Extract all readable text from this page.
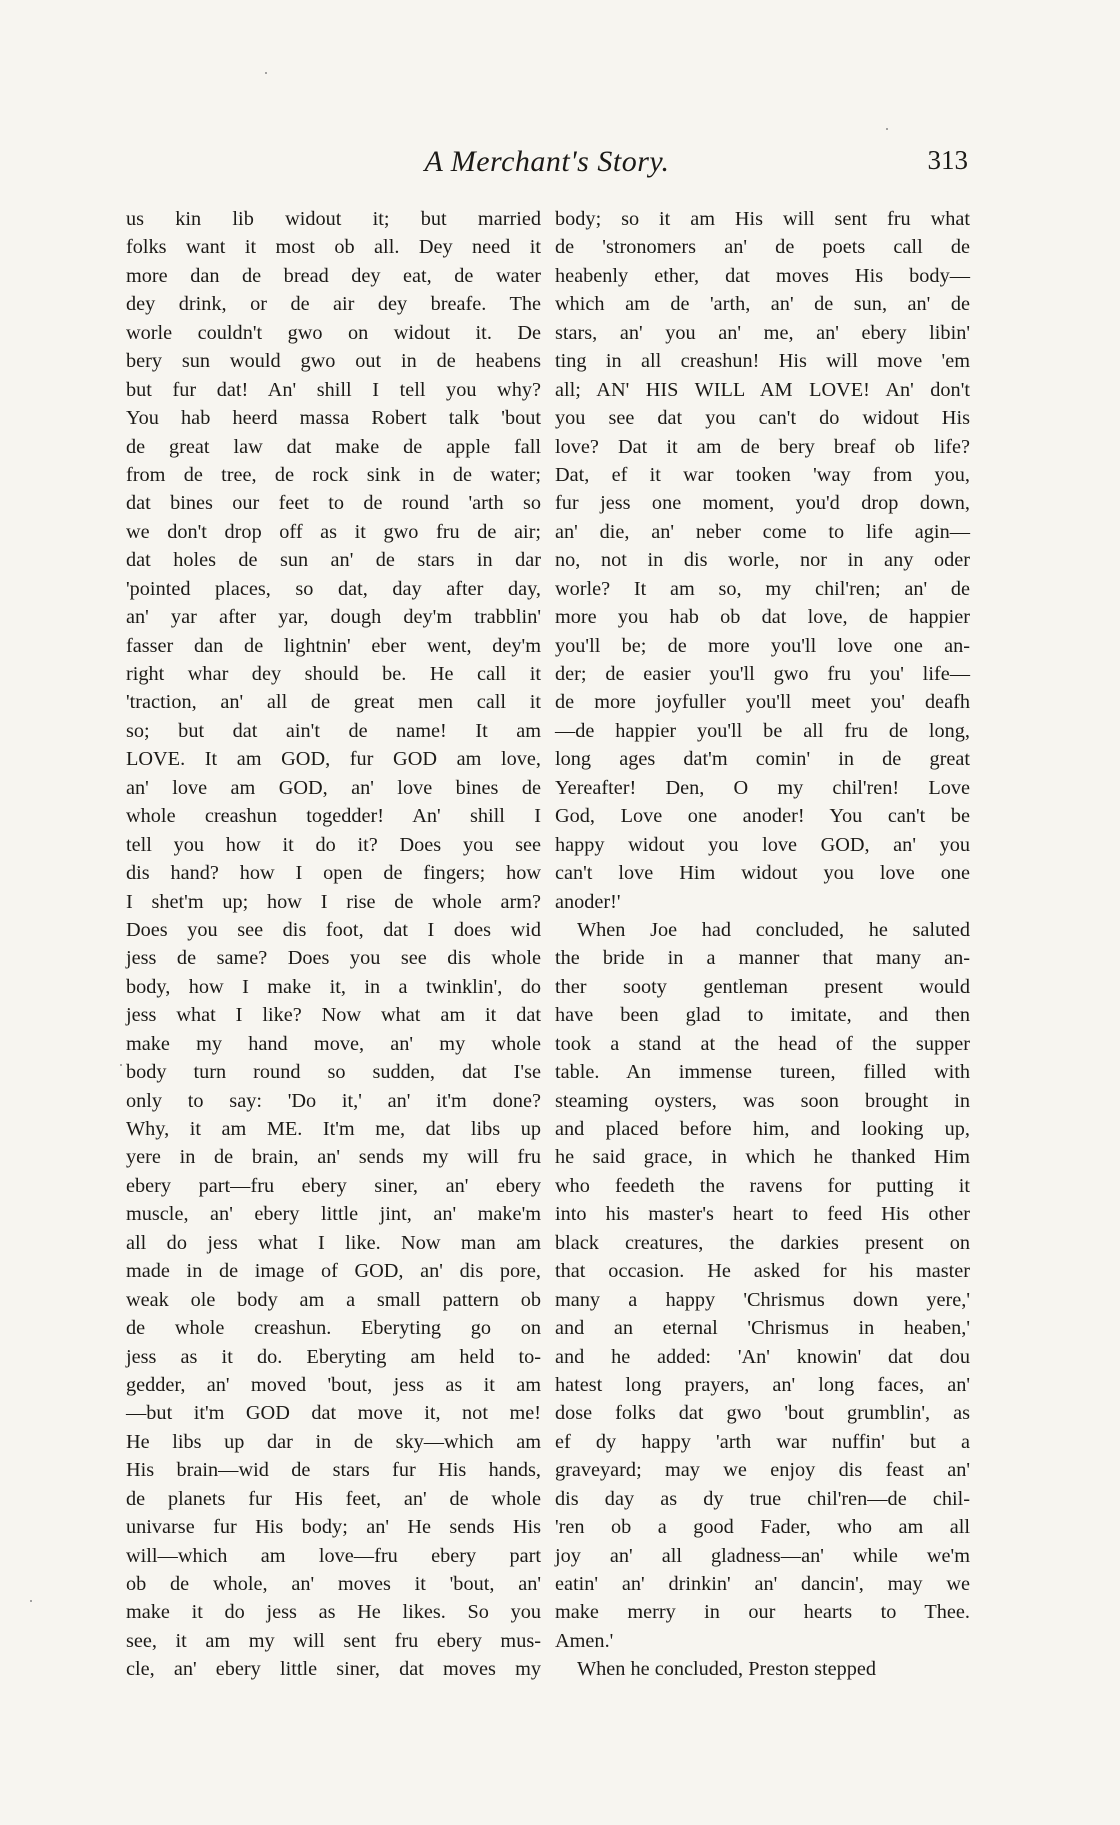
A Merchant's Story.	313
us kin lib widout it; but married
folks want it most ob all. Dey need it
more dan de bread dey eat, de water
dey drink, or de air dey breafe. The
worle couldn't gwo on widout it. De
bery sun would gwo out in de heabens
but fur dat! An' shill I tell you why?
You hab heerd massa Robert talk 'bout
de great law dat make de apple fall
from de tree, de rock sink in de water;
dat bines our feet to de round 'arth so
we don't drop off as it gwo fru de air;
dat holes de sun an' de stars in dar
'pointed places, so dat, day after day,
an' yar after yar, dough dey'm trabblin'
fasser dan de lightnin' eber went, dey'm
right whar dey should be. He call it
'traction, an' all de great men call it
so; but dat ain't de name! It am
LOVE. It am GOD, fur GOD am love,
an' love am GOD, an' love bines de
whole creashun togedder! An' shill I
tell you how it do it? Does you see
dis hand? how I open de fingers; how
I shet'm up; how I rise de whole arm?
Does you see dis foot, dat I does wid
jess de same? Does you see dis whole
body, how I make it, in a twinklin', do
jess what I like? Now what am it dat
make my hand move, an' my whole
body turn round so sudden, dat I'se
only to say: 'Do it,' an' it'm done?
Why, it am ME. It'm me, dat libs up
yere in de brain, an' sends my will fru
ebery part—fru ebery siner, an' ebery
muscle, an' ebery little jint, an' make'm
all do jess what I like. Now man am
made in de image of GOD, an' dis pore,
weak ole body am a small pattern ob
de whole creashun. Eberyting go on
jess as it do. Eberyting am held to-
gedder, an' moved 'bout, jess as it am
—but it'm GOD dat move it, not me!
He libs up dar in de sky—which am
His brain—wid de stars fur His hands,
de planets fur His feet, an' de whole
univarse fur His body; an' He sends His
will—which am love—fru ebery part
ob de whole, an' moves it 'bout, an'
make it do jess as He likes. So you
see, it am my will sent fru ebery mus-
cle, an' ebery little siner, dat moves my
body; so it am His will sent fru what
de 'stronomers an' de poets call de
heabenly ether, dat moves His body—
which am de 'arth, an' de sun, an' de
stars, an' you an' me, an' ebery libin'
ting in all creashun! His will move 'em
all; AN' HIS WILL AM LOVE! An' don't
you see dat you can't do widout His
love? Dat it am de bery breaf ob life?
Dat, ef it war tooken 'way from you,
fur jess one moment, you'd drop down,
an' die, an' neber come to life agin—
no, not in dis worle, nor in any oder
worle? It am so, my chil'ren; an' de
more you hab ob dat love, de happier
you'll be; de more you'll love one an-
der; de easier you'll gwo fru you' life—
de more joyfuller you'll meet you' deafh
—de happier you'll be all fru de long,
long ages dat'm comin' in de great
Yereafter! Den, O my chil'ren! Love
God, Love one anoder! You can't be
happy widout you love GOD, an' you
can't love Him widout you love one
anoder!'
When Joe had concluded, he saluted
the bride in a manner that many an-
ther sooty gentleman present would
have been glad to imitate, and then
took a stand at the head of the supper
table. An immense tureen, filled with
steaming oysters, was soon brought in
and placed before him, and looking up,
he said grace, in which he thanked Him
who feedeth the ravens for putting it
into his master's heart to feed His other
black creatures, the darkies present on
that occasion. He asked for his master
many a happy 'Chrismus down yere,'
and an eternal 'Chrismus in heaben,'
and he added: 'An' knowin' dat dou
hatest long prayers, an' long faces, an'
dose folks dat gwo 'bout grumblin', as
ef dy happy 'arth war nuffin' but a
graveyard; may we enjoy dis feast an'
dis day as dy true chil'ren—de chil-
'ren ob a good Fader, who am all
joy an' all gladness—an' while we'm
eatin' an' drinkin' an' dancin', may we
make merry in our hearts to Thee.
Amen.'
When he concluded, Preston stepped
